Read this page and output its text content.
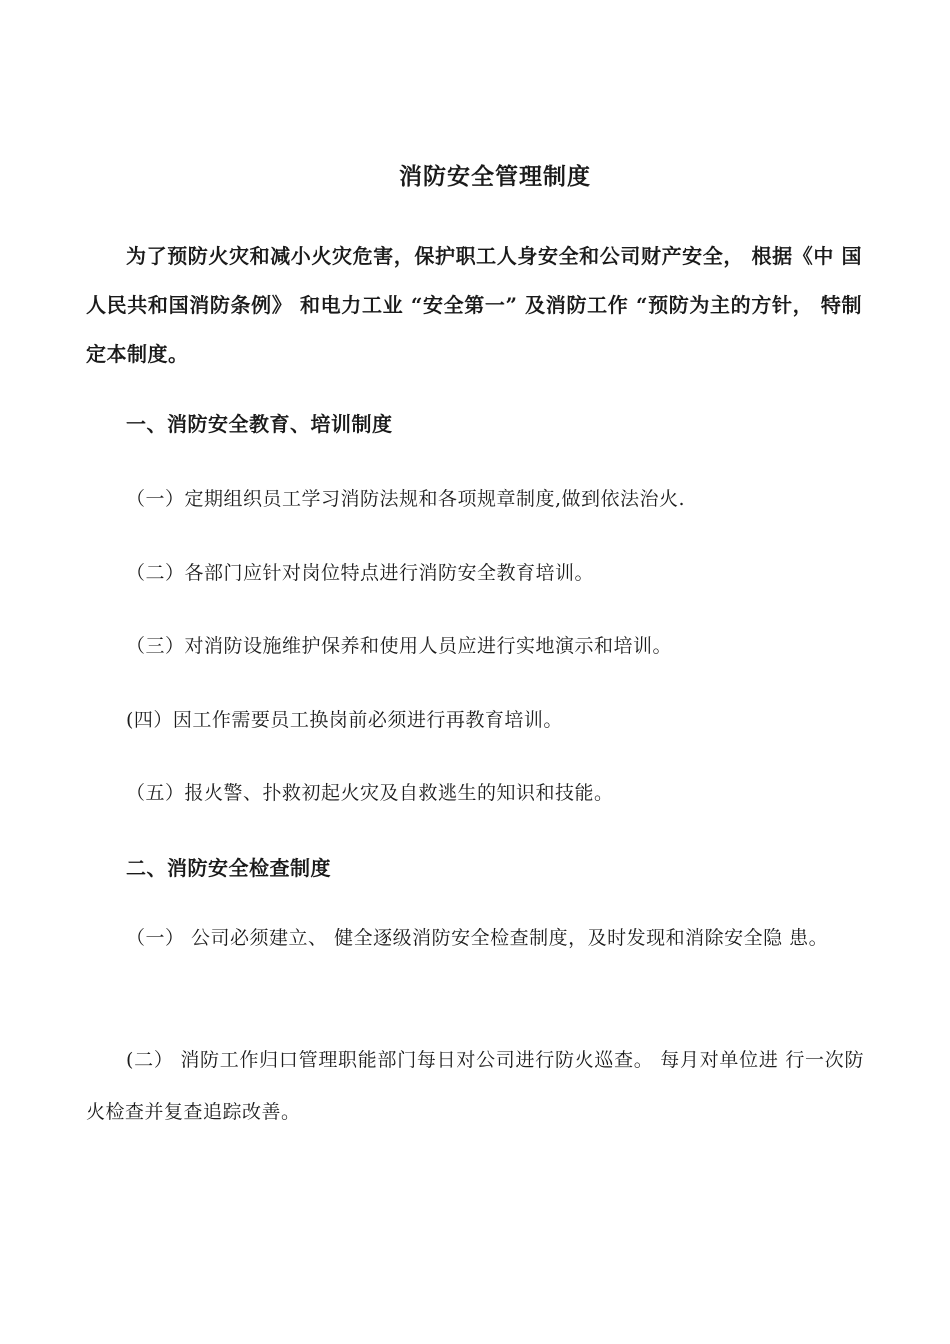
消防安全管理制度
为了预防火灾和减小火灾危害，保护职工人身安全和公司财产安全， 根据《中 国人民共和国消防条例》 和电力工业 “安全第一” 及消防工作 “预防为主的方针， 特制定本制度。
一、消防安全教育、培训制度
（一）定期组织员工学习消防法规和各项规章制度,做到依法治火.
（二）各部门应针对岗位特点进行消防安全教育培训。
（三）对消防设施维护保养和使用人员应进行实地演示和培训。
(四）因工作需要员工换岗前必须进行再教育培训。
（五）报火警、扑救初起火灾及自救逃生的知识和技能。
二、消防安全检查制度
（一） 公司必须建立、 健全逐级消防安全检查制度，及时发现和消除安全隐 患。
(二） 消防工作归口管理职能部门每日对公司进行防火巡查。 每月对单位进 行一次防火检查并复查追踪改善。
